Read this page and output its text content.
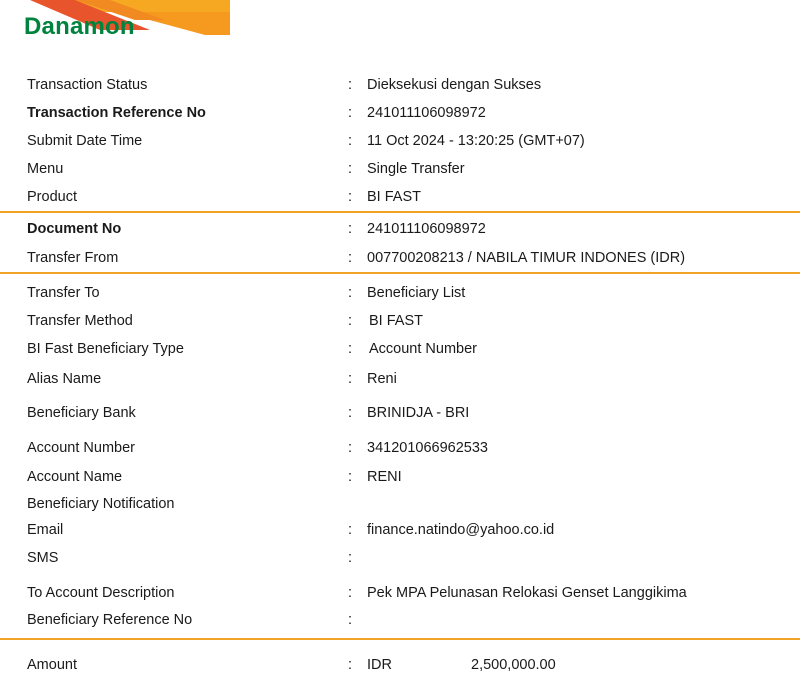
Danamon
Transaction Status	: Dieksekusi dengan Sukses
Transaction Reference No	: 241011106098972
Submit Date Time	: 11 Oct 2024 - 13:20:25 (GMT+07)
Menu	: Single Transfer
Product	: BI FAST
Document No	: 241011106098972
Transfer From	: 007700208213 / NABILA TIMUR INDONES (IDR)
Transfer To	: Beneficiary List
Transfer Method	: BI FAST
BI Fast Beneficiary Type	: Account Number
Alias Name	: Reni
Beneficiary Bank	: BRINIDJA - BRI
Account Number	: 341201066962533
Account Name	: RENI
Beneficiary Notification
Email	: finance.natindo@yahoo.co.id
SMS	:
To Account Description	: Pek MPA Pelunasan Relokasi Genset Langgikima
Beneficiary Reference No	:
Amount	: IDR	2,500,000.00
